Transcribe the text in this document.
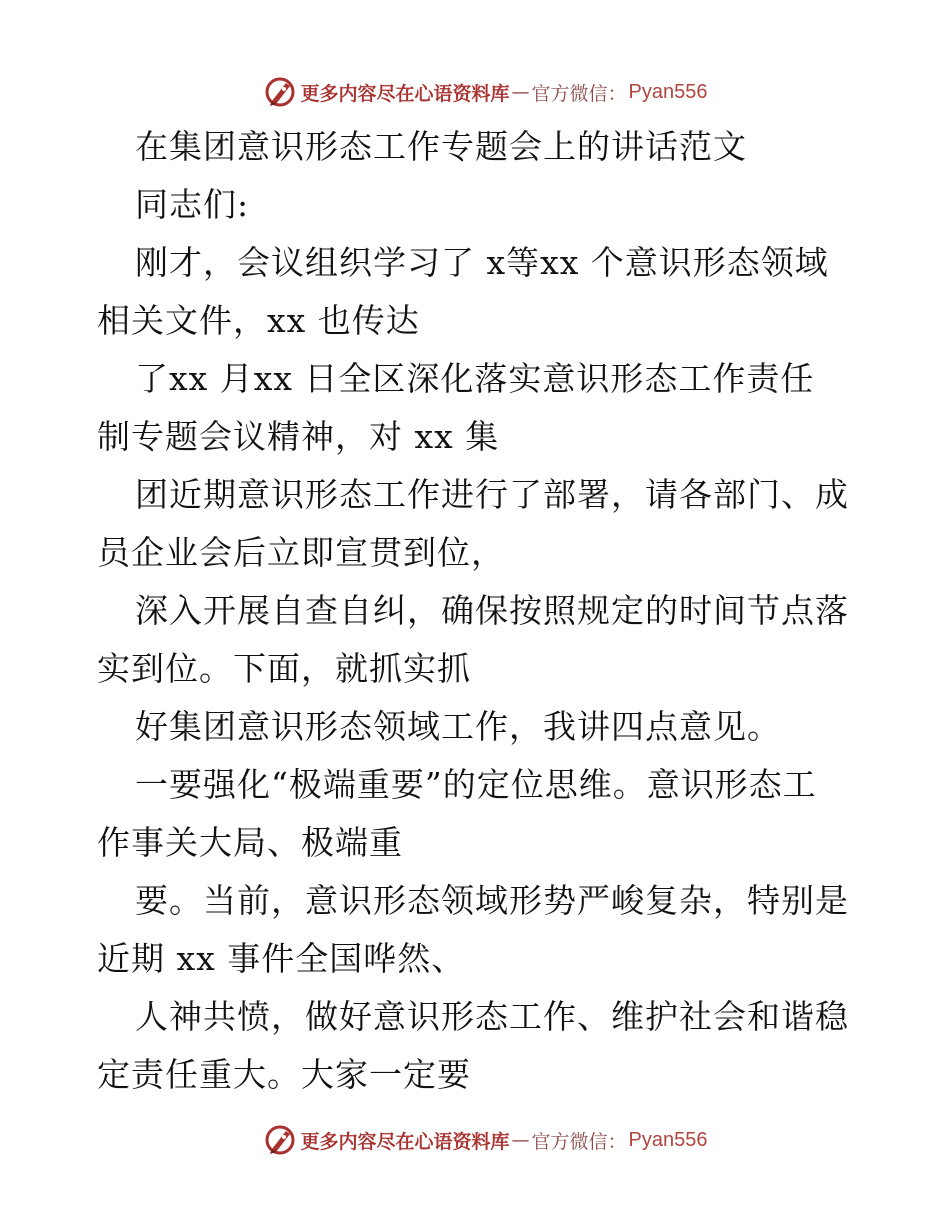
更多内容尽在心语资料库 — 官方微信： Pyan556
在集团意识形态工作专题会上的讲话范文
同志们:
刚才，会议组织学习了 x等xx 个意识形态领域
相关文件，xx 也传达
了xx 月xx 日全区深化落实意识形态工作责任
制专题会议精神，对 xx 集
团近期意识形态工作进行了部署，请各部门、成
员企业会后立即宣贯到位，
深入开展自查自纠，确保按照规定的时间节点落
实到位。下面，就抓实抓
好集团意识形态领域工作，我讲四点意见。
一要强化“极端重要”的定位思维。意识形态工
作事关大局、极端重
要。当前，意识形态领域形势严峻复杂，特别是
近期 xx 事件全国哗然、
人神共愤，做好意识形态工作、维护社会和谐稳
定责任重大。大家一定要
更多内容尽在心语资料库 — 官方微信： Pyan556
